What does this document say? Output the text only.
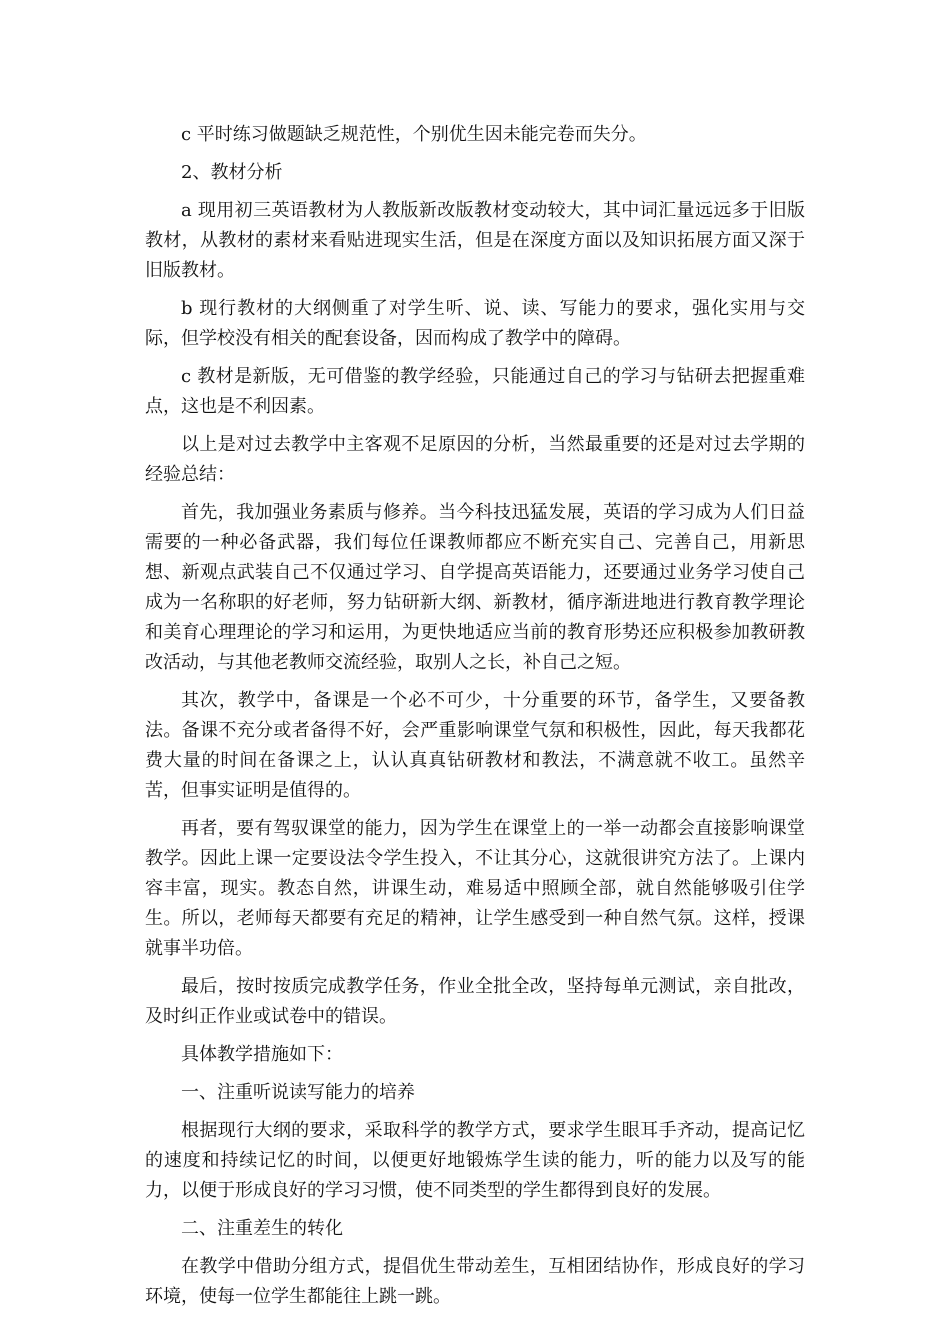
c 平时练习做题缺乏规范性，个别优生因未能完卷而失分。

2、教材分析

a 现用初三英语教材为人教版新改版教材变动较大，其中词汇量远远多于旧版教材，从教材的素材来看贴进现实生活，但是在深度方面以及知识拓展方面又深于旧版教材。

b 现行教材的大纲侧重了对学生听、说、读、写能力的要求，强化实用与交际，但学校没有相关的配套设备，因而构成了教学中的障碍。

c 教材是新版，无可借鉴的教学经验，只能通过自己的学习与钻研去把握重难点，这也是不利因素。

以上是对过去教学中主客观不足原因的分析，当然最重要的还是对过去学期的经验总结：

首先，我加强业务素质与修养。当今科技迅猛发展，英语的学习成为人们日益需要的一种必备武器，我们每位任课教师都应不断充实自己、完善自己，用新思想、新观点武装自己不仅通过学习、自学提高英语能力，还要通过业务学习使自己成为一名称职的好老师，努力钻研新大纲、新教材，循序渐进地进行教育教学理论和美育心理理论的学习和运用，为更快地适应当前的教育形势还应积极参加教研教改活动，与其他老教师交流经验，取别人之长，补自己之短。

其次，教学中，备课是一个必不可少，十分重要的环节，备学生，又要备教法。备课不充分或者备得不好，会严重影响课堂气氛和积极性，因此，每天我都花费大量的时间在备课之上，认认真真钻研教材和教法，不满意就不收工。虽然辛苦，但事实证明是值得的。

再者，要有驾驭课堂的能力，因为学生在课堂上的一举一动都会直接影响课堂教学。因此上课一定要设法令学生投入，不让其分心，这就很讲究方法了。上课内容丰富，现实。教态自然，讲课生动，难易适中照顾全部，就自然能够吸引住学生。所以，老师每天都要有充足的精神，让学生感受到一种自然气氛。这样，授课就事半功倍。

最后，按时按质完成教学任务，作业全批全改，坚持每单元测试，亲自批改，及时纠正作业或试卷中的错误。

具体教学措施如下：

一、注重听说读写能力的培养

根据现行大纲的要求，采取科学的教学方式，要求学生眼耳手齐动，提高记忆的速度和持续记忆的时间，以便更好地锻炼学生读的能力，听的能力以及写的能力，以便于形成良好的学习习惯，使不同类型的学生都得到良好的发展。

二、注重差生的转化

在教学中借助分组方式，提倡优生带动差生，互相团结协作，形成良好的学习环境，使每一位学生都能往上跳一跳。
